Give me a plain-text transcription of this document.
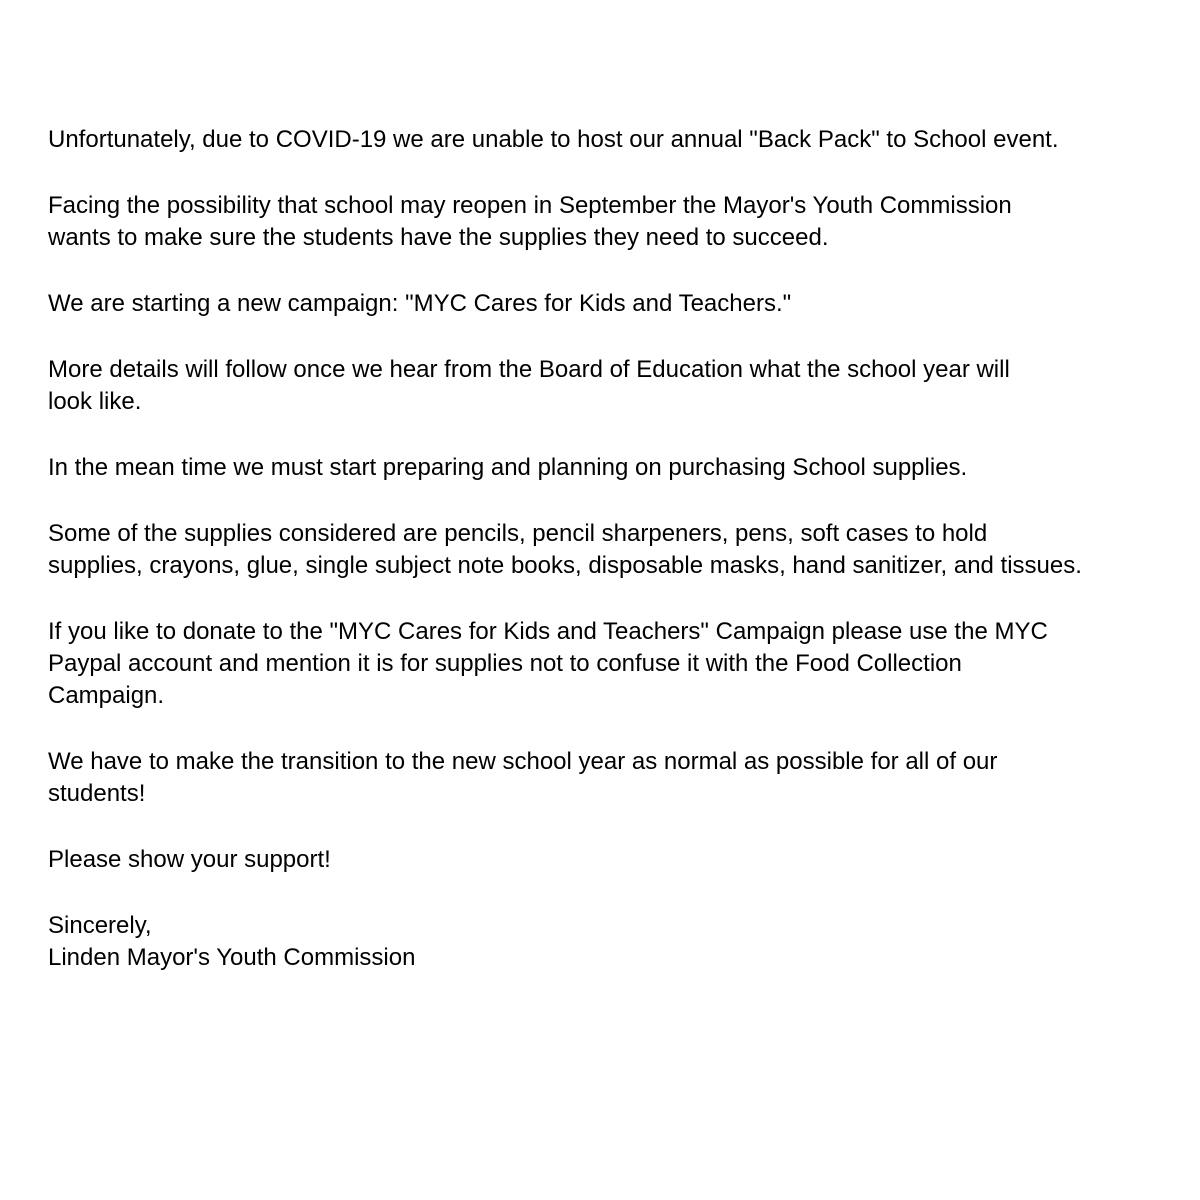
Unfortunately, due to COVID-19 we are unable to host our annual "Back Pack" to School event.

Facing the possibility that school may reopen in September the Mayor's Youth Commission
wants to make sure the students have the supplies they need to succeed.

We are starting a new campaign: "MYC Cares for Kids and Teachers."

More details will follow once we hear from the Board of Education what the school year will
look like.

In the mean time we must start preparing and planning on purchasing School supplies.

Some of the supplies considered are pencils, pencil sharpeners, pens, soft cases to hold
supplies, crayons, glue, single subject note books, disposable masks, hand sanitizer, and tissues.

If you like to donate to the "MYC Cares for Kids and Teachers" Campaign please use the MYC
Paypal account and mention it is for supplies not to confuse it with the Food Collection
Campaign.

We have to make the transition to the new school year as normal as possible for all of our
students!

Please show your support!

Sincerely,
Linden Mayor's Youth Commission
